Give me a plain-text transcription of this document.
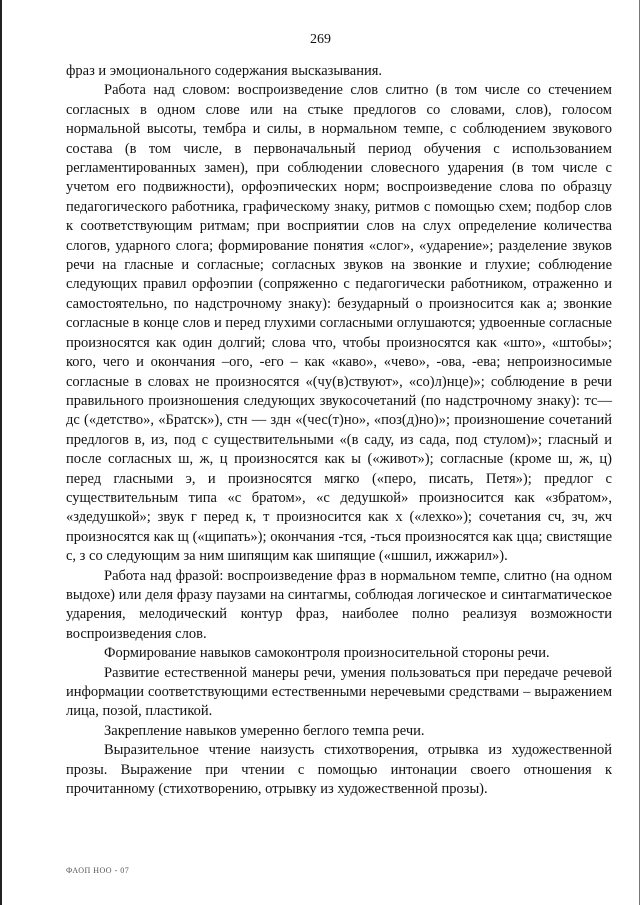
269

фраз и эмоционального содержания высказывания.

Работа над словом: воспроизведение слов слитно (в том числе со стечением согласных в одном слове или на стыке предлогов со словами, слов), голосом нормальной высоты, тембра и силы, в нормальном темпе, с соблюдением звукового состава (в том числе, в первоначальный период обучения с использованием регламентированных замен), при соблюдении словесного ударения (в том числе с учетом его подвижности), орфоэпических норм; воспроизведение слова по образцу педагогического работника, графическому знаку, ритмов с помощью схем; подбор слов к соответствующим ритмам; при восприятии слов на слух определение количества слогов, ударного слога; формирование понятия «слог», «ударение»; разделение звуков речи на гласные и согласные; согласных звуков на звонкие и глухие; соблюдение следующих правил орфоэпии (сопряженно с педагогически работником, отраженно и самостоятельно, по надстрочному знаку): безударный о произносится как а; звонкие согласные в конце слов и перед глухими согласными оглушаются; удвоенные согласные произносятся как один долгий; слова что, чтобы произносятся как «што», «штобы»; кого, чего и окончания –ого, -его – как «каво», «чево», -ова, -ева; непроизносимые согласные в словах не произносятся «(чу(в)ствуют», «со)л)нце)»; соблюдение в речи правильного произношения следующих звукосочетаний (по надстрочному знаку): тс— дс («детство», «Братск»), стн — здн «(чес(т)но», «поз(д)но)»; произношение сочетаний предлогов в, из, под с существительными «(в саду, из сада, под стулом)»; гласный и после согласных ш, ж, ц произносятся как ы («живот»); согласные (кроме ш, ж, ц) перед гласными э, и произносятся мягко («перо, писать, Петя»); предлог с существительным типа «с братом», «с дедушкой» произносится как «збратом», «здедушкой»; звук г перед к, т произносится как х («лехко»); сочетания сч, зч, жч произносятся как щ («щипать»); окончания -тся, -ться произносятся как цца; свистящие с, з со следующим за ним шипящим как шипящие («шшил, ижжарил»).

Работа над фразой: воспроизведение фраз в нормальном темпе, слитно (на одном выдохе) или деля фразу паузами на синтагмы, соблюдая логическое и синтагматическое ударения, мелодический контур фраз, наиболее полно реализуя возможности воспроизведения слов.

Формирование навыков самоконтроля произносительной стороны речи.

Развитие естественной манеры речи, умения пользоваться при передаче речевой информации соответствующими естественными неречевыми средствами – выражением лица, позой, пластикой.

Закрепление навыков умеренно беглого темпа речи.

Выразительное чтение наизусть стихотворения, отрывка из художественной прозы. Выражение при чтении с помощью интонации своего отношения к прочитанному (стихотворению, отрывку из художественной прозы).

ФАОП НОО - 07
